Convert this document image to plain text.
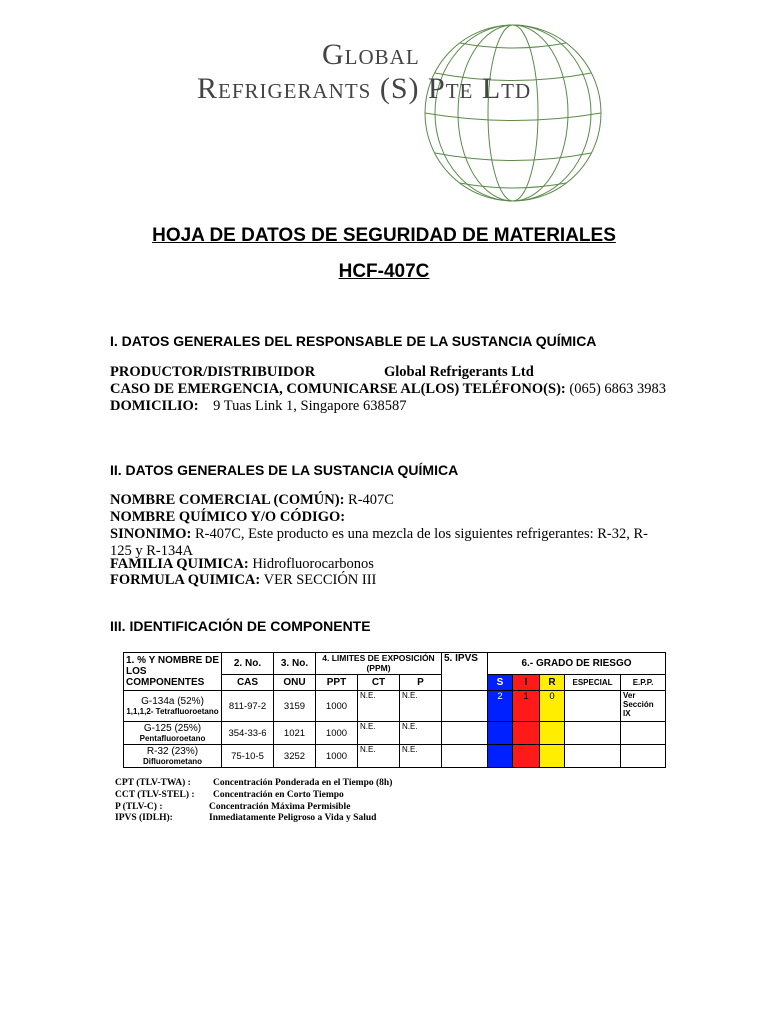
Global
Refrigerants (S) Pte Ltd
HOJA DE DATOS DE SEGURIDAD DE MATERIALES
HCF-407C
I. DATOS GENERALES DEL RESPONSABLE DE LA SUSTANCIA QUÍMICA
PRODUCTOR/DISTRIBUIDOR	Global Refrigerants Ltd
CASO DE EMERGENCIA, COMUNICARSE AL(LOS) TELÉFONO(S): (065) 6863 3983
DOMICILIO: 9 Tuas Link 1, Singapore 638587
II. DATOS GENERALES DE LA SUSTANCIA QUÍMICA
NOMBRE COMERCIAL (COMÚN): R-407C
NOMBRE QUÍMICO Y/O CÓDIGO:
SINONIMO: R-407C, Este producto es una mezcla de los siguientes refrigerantes: R-32, R-125 y R-134A
FAMILIA QUIMICA: Hidrofluorocarbonos
FORMULA QUIMICA: VER SECCIÓN III
III. IDENTIFICACIÓN DE COMPONENTE
1. % Y NOMBRE DE LOS COMPONENTES	2. No.	3. No.	4. LIMITES DE EXPOSICIÓN (PPM)			5. IPVS	6.- GRADO DE RIESGO				
	CAS	ONU	PPT	CT	P		S	I	R	ESPECIAL	E.P.P.

G-134a (52%)
1,1,1,2- Tetrafluoroetano	811-97-2	3159	1000	N.E.	N.E.		2	1	0		Ver Sección IX

G-125 (25%)
Pentafluoroetano	354-33-6	1021	1000	N.E.	N.E.						

R-32 (23%)
Difluorometano	75-10-5	3252	1000	N.E.	N.E.						
CPT (TLV-TWA) : Concentración Ponderada en el Tiempo (8h)
CCT (TLV-STEL) : Concentración en Corto Tiempo
P (TLV-C) :	Concentración Máxima Permisible
IPVS (IDLH):	Inmediatamente Peligroso a Vida y Salud
